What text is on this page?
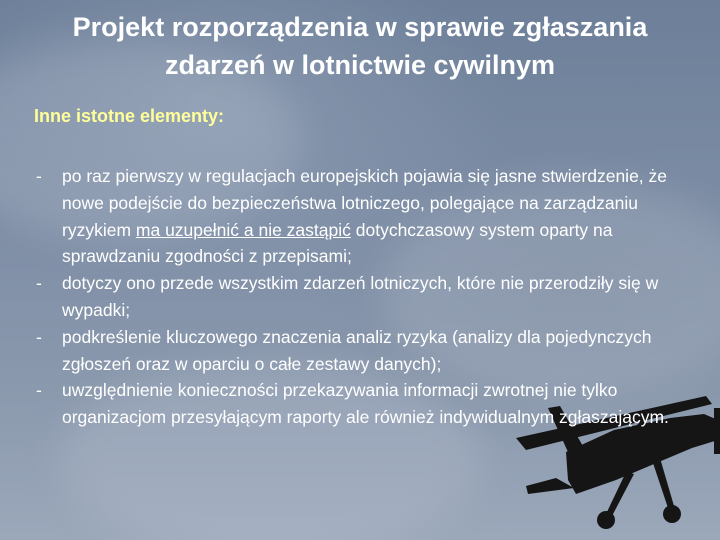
Projekt rozporządzenia w sprawie zgłaszania
zdarzeń w lotnictwie cywilnym

Inne istotne elementy:

- po raz pierwszy w regulacjach europejskich pojawia się jasne stwierdzenie, że nowe podejście do bezpieczeństwa lotniczego, polegające na zarządzaniu ryzykiem ma uzupełnić a nie zastąpić dotychczasowy system oparty na sprawdzaniu zgodności z przepisami;
- dotyczy ono przede wszystkim zdarzeń lotniczych, które nie przerodziły się w wypadki;
- podkreślenie kluczowego znaczenia analiz ryzyka (analizy dla pojedynczych zgłoszeń oraz w oparciu o całe zestawy danych);
- uwzględnienie konieczności przekazywania informacji zwrotnej nie tylko organizacjom przesyłającym raporty ale również indywidualnym zgłaszającym.
